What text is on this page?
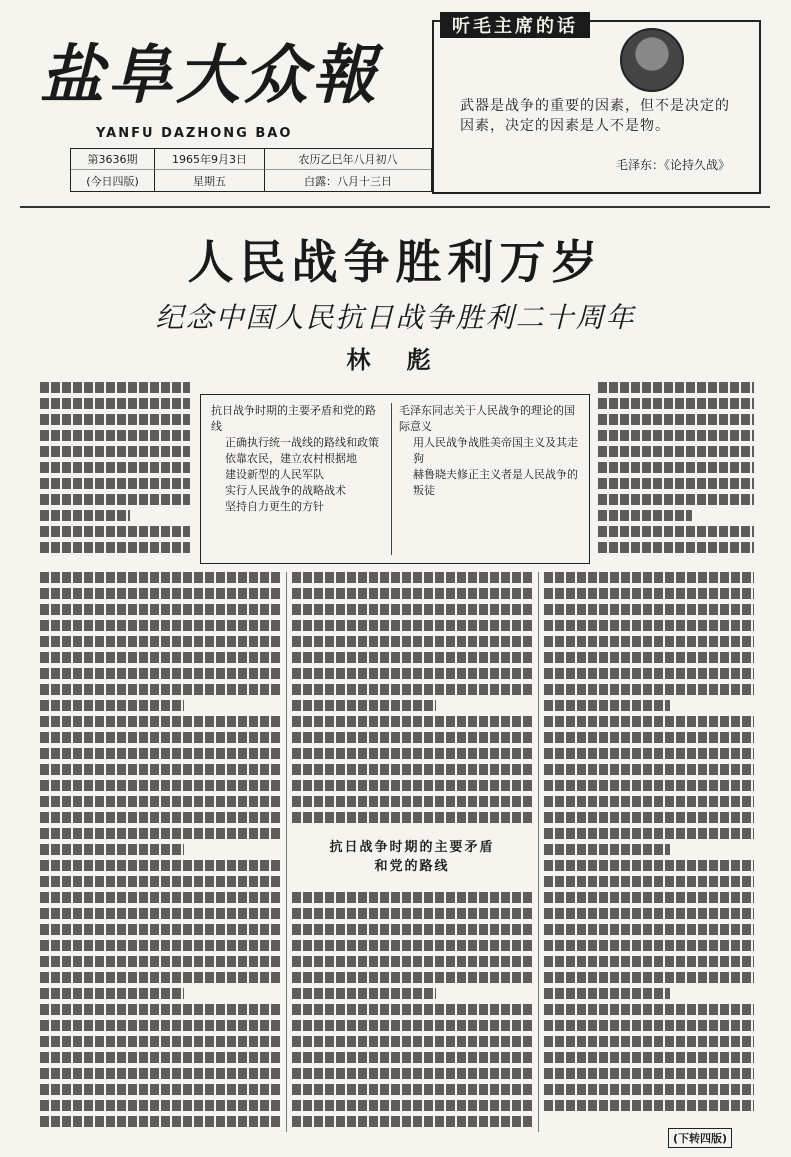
盐阜大众報
YANFU DAZHONG BAO
第3636期	1965年9月3日	农历乙巳年八月初八
(今日四版)	星期五	白露：八月十三日
听毛主席的话
武器是战争的重要的因素，但不是决定的因素，决定的因素是人不是物。
毛泽东：《论持久战》
人民战争胜利万岁
纪念中国人民抗日战争胜利二十周年
林 彪
抗日战争时期的主要矛盾和党的路线
正确执行统一战线的路线和政策
依靠农民，建立农村根据地
建设新型的人民军队
实行人民战争的战略战术
坚持自力更生的方针
毛泽东同志关于人民战争的理论的国际意义
用人民战争战胜美帝国主义及其走狗
赫鲁晓夫修正主义者是人民战争的叛徒
抗日战争时期的主要矛盾
和党的路线
(下转四版)
